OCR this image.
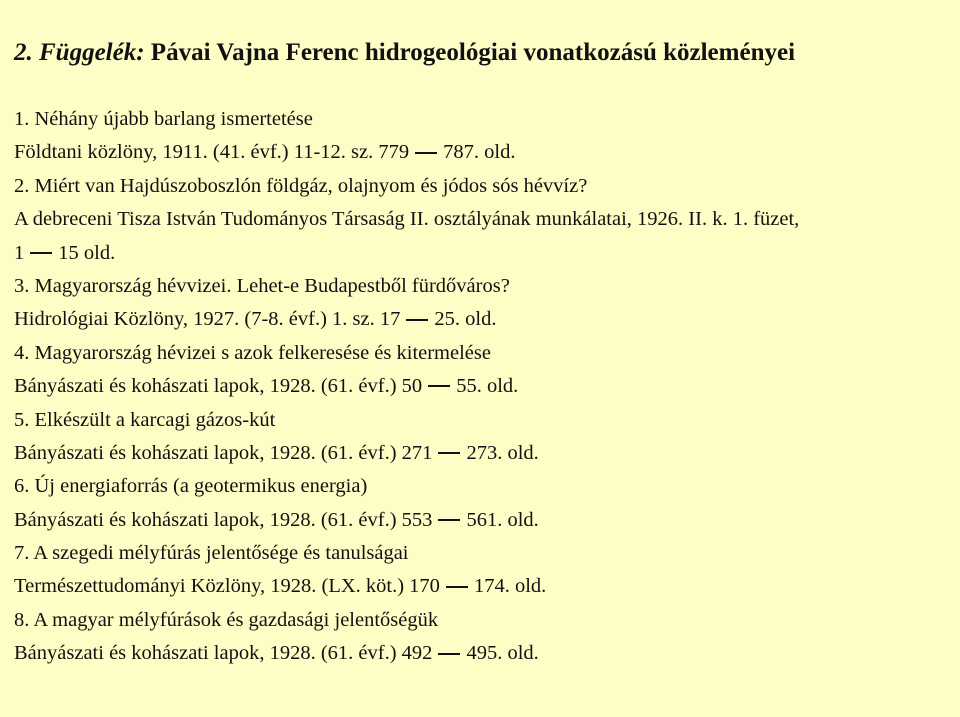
2. Függelék: Pávai Vajna Ferenc hidrogeológiai vonatkozású közleményei
1. Néhány újabb barlang ismertetése
Földtani közlöny, 1911. (41. évf.) 11-12. sz. 779 787. old.
2. Miért van Hajdúszoboszlón földgáz, olajnyom és jódos sós hévvíz?
A debreceni Tisza István Tudományos Társaság II. osztályának munkálatai, 1926. II. k. 1. füzet,
1 15 old.
3. Magyarország hévvizei. Lehet-e Budapestből fürdőváros?
Hidrológiai Közlöny, 1927. (7-8. évf.) 1. sz. 17 25. old.
4. Magyarország hévizei s azok felkeresése és kitermelése
Bányászati és kohászati lapok, 1928. (61. évf.) 50 55. old.
5. Elkészült a karcagi gázos-kút
Bányászati és kohászati lapok, 1928. (61. évf.) 271 273. old.
6. Új energiaforrás (a geotermikus energia)
Bányászati és kohászati lapok, 1928. (61. évf.) 553 561. old.
7. A szegedi mélyfúrás jelentősége és tanulságai
Természettudományi Közlöny, 1928. (LX. köt.) 170 174. old.
8. A magyar mélyfúrások és gazdasági jelentőségük
Bányászati és kohászati lapok, 1928. (61. évf.) 492 495. old.
